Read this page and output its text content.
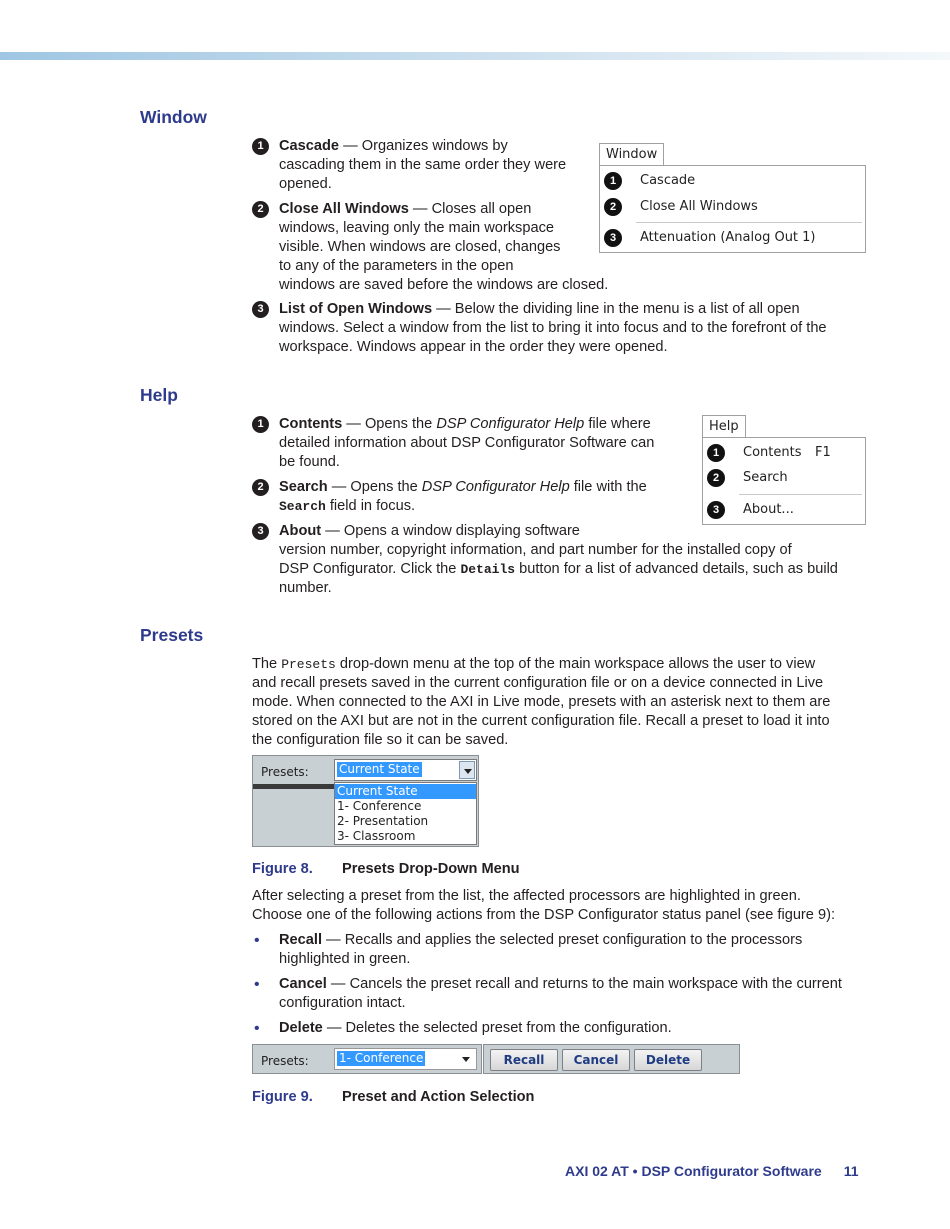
Window
1	Cascade — Organizes windows by

cascading them in the same order they were

opened.

2	Close All Windows — Closes all open

windows, leaving only the main workspace

visible. When windows are closed, changes

to any of the parameters in the open

windows are saved before the windows are closed.

3	List of Open Windows — Below the dividing line in the menu is a list of all open

windows. Select a window from the list to bring it into focus and to the forefront of the

workspace. Windows appear in the order they were opened.

Window
1	Cascade
2	Close All Windows
3	Attenuation (Analog Out 1)
Help
1	Contents — Opens the DSP Configurator Help file where

detailed information about DSP Configurator Software can

be found.

2	Search — Opens the DSP Configurator Help file with the

Search field in focus.

3	About — Opens a window displaying software

version number, copyright information, and part number for the installed copy of

DSP Configurator. Click the Details button for a list of advanced details, such as build

number.

Help
1	Contents F1
2	Search
3	About...
Presets

The Presets drop-down menu at the top of the main workspace allows the user to view

and recall presets saved in the current configuration file or on a device connected in Live

mode. When connected to the AXI in Live mode, presets with an asterisk next to them are

stored on the AXI but are not in the current configuration file. Recall a preset to load it into

the configuration file so it can be saved.

Presets:	Current State
Current State
1- Conference
2- Presentation
3- Classroom
Figure 8. Presets Drop-Down Menu

After selecting a preset from the list, the affected processors are highlighted in green.

Choose one of the following actions from the DSP Configurator status panel (see figure 9):

• Recall — Recalls and applies the selected preset configuration to the processors

highlighted in green.

• Cancel — Cancels the preset recall and returns to the main workspace with the current

configuration intact.

• Delete — Deletes the selected preset from the configuration.

Presets:	1- Conference	Recall	Cancel	Delete
Figure 9. Preset and Action Selection
AXI 02 AT • DSP Configurator Software 11
